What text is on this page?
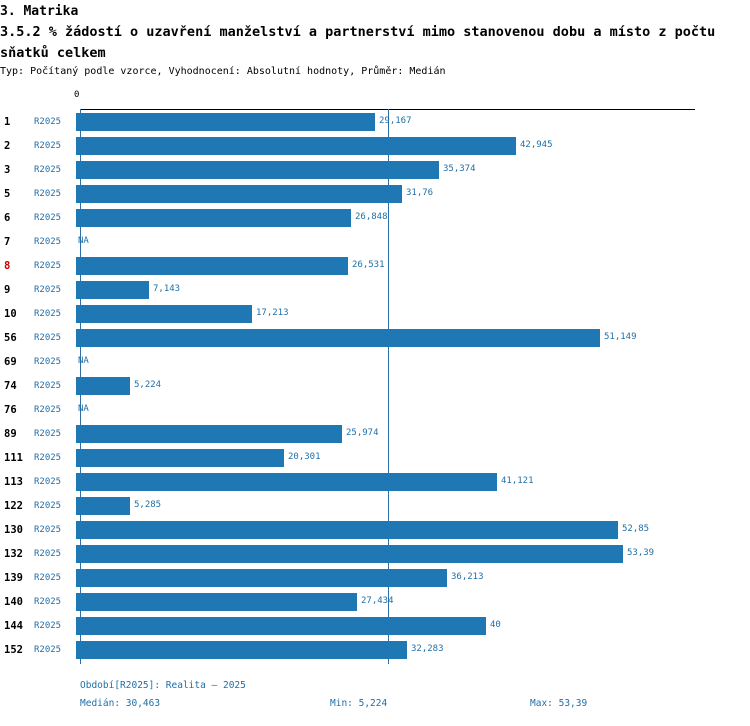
3. Matrika
3.5.2 % žádostí o uzavření manželství a partnerství mimo stanovenou dobu a místo z počtu sňatků celkem
Typ: Počítaný podle vzorce, Vyhodnocení: Absolutní hodnoty, Průměr: Medián
0
1	R2025	29,167
2	R2025	42,945
3	R2025	35,374
5	R2025	31,76
6	R2025	26,848
7	R2025	NA
8	R2025	26,531
9	R2025	7,143
10	R2025	17,213
56	R2025	51,149
69	R2025	NA
74	R2025	5,224
76	R2025	NA
89	R2025	25,974
111	R2025	20,301
113	R2025	41,121
122	R2025	5,285
130	R2025	52,85
132	R2025	53,39
139	R2025	36,213
140	R2025	27,434
144	R2025	40
152	R2025	32,283
Období[R2025]: Realita – 2025
Medián: 30,463	Min: 5,224	Max: 53,39
